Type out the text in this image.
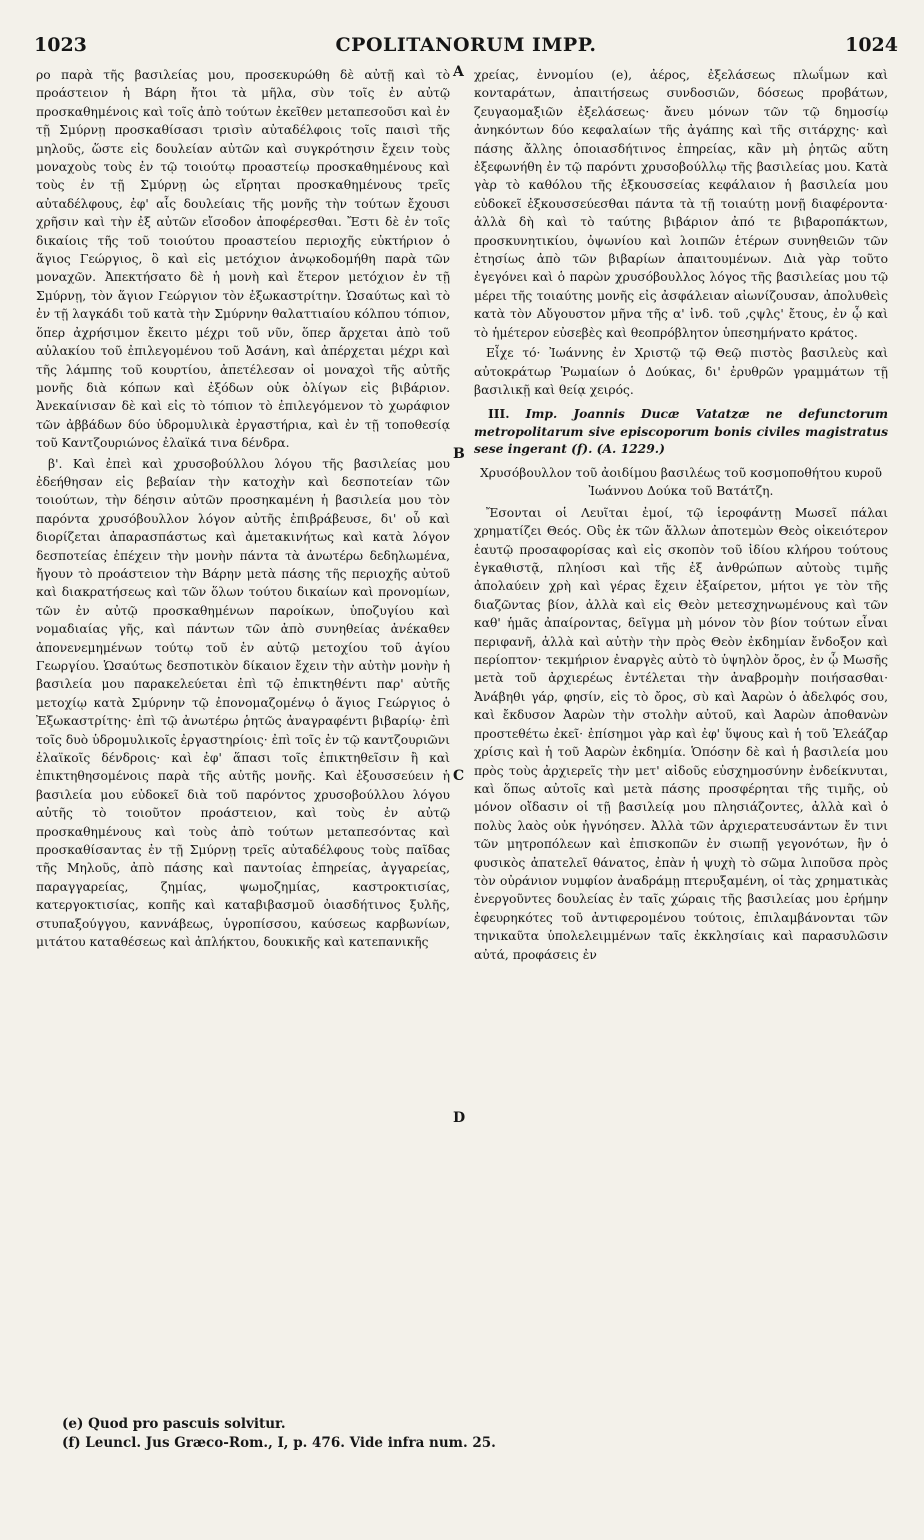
1023	CPOLITANORUM IMPP.	1024
A
B
C
D

ρο παρὰ τῆς βασιλείας μου, προσεκυρώθη δὲ αὐτῇ καὶ τὸ προάστειον ἡ Βάρη ἤτοι τὰ μῆλα, σὺν τοῖς ἐν αὐτῷ προσκαθημένοις καὶ τοῖς ἀπὸ τούτων ἐκεῖθεν μεταπεσοῦσι καὶ ἐν τῇ Σμύρνῃ προσκαθίσασι τρισὶν αὐταδέλφοις τοῖς παισὶ τῆς μηλοῦς, ὥστε εἰς δουλείαν αὐτῶν καὶ συγκρότησιν ἔχειν τοὺς μοναχοὺς τοὺς ἐν τῷ τοιούτῳ προαστείῳ προσκαθημένους καὶ τοὺς ἐν τῇ Σμύρνῃ ὡς εἴρηται προσκαθημένους τρεῖς αὐταδέλφους, ἐφ' αἷς δουλείαις τῆς μονῆς τὴν τούτων ἔχουσι χρῆσιν καὶ τὴν ἐξ αὐτῶν εἴσοδον ἀποφέρεσθαι. Ἔστι δὲ ἐν τοῖς δικαίοις τῆς τοῦ τοιούτου προαστείου περιοχῆς εὐκτήριον ὁ ἅγιος Γεώργιος, ὃ καὶ εἰς μετόχιον ἀνῳκοδομήθη παρὰ τῶν μοναχῶν. Ἀπεκτήσατο δὲ ἡ μονὴ καὶ ἕτερον μετόχιον ἐν τῇ Σμύρνῃ, τὸν ἅγιον Γεώργιον τὸν ἐξωκαστρίτην. Ὡσαύτως καὶ τὸ ἐν τῇ λαγκάδι τοῦ κατὰ τὴν Σμύρνην θαλαττιαίου κόλπου τόπιον, ὅπερ ἀχρήσιμον ἔκειτο μέχρι τοῦ νῦν, ὅπερ ἄρχεται ἀπὸ τοῦ αὐλακίου τοῦ ἐπιλεγομένου τοῦ Ἀσάνη, καὶ ἀπέρχεται μέχρι καὶ τῆς λάμπης τοῦ κουρτίου, ἀπετέλεσαν οἱ μοναχοὶ τῆς αὐτῆς μονῆς διὰ κόπων καὶ ἐξόδων οὐκ ὀλίγων εἰς βιβάριον. Ἀνεκαίνισαν δὲ καὶ εἰς τὸ τόπιον τὸ ἐπιλεγόμενον τὸ χωράφιον τῶν ἀββάδων δύο ὑδρομυλικὰ ἐργαστήρια, καὶ ἐν τῇ τοποθεσίᾳ τοῦ Καντζουριώνος ἐλαϊκά τινα δένδρα.

β'. Καὶ ἐπεὶ καὶ χρυσοβούλλου λόγου τῆς βασιλείας μου ἐδεήθησαν εἰς βεβαίαν τὴν κατοχὴν καὶ δεσποτείαν τῶν τοιούτων, τὴν δέησιν αὐτῶν προσηκαμένη ἡ βασιλεία μου τὸν παρόντα χρυσόβουλλον λόγον αὐτῆς ἐπιβράβευσε, δι' οὗ καὶ διορίζεται ἀπαρασπάστως καὶ ἀμετακινήτως καὶ κατὰ λόγον δεσποτείας ἐπέχειν τὴν μονὴν πάντα τὰ ἀνωτέρω δεδηλωμένα, ἤγουν τὸ προάστειον τὴν Βάρην μετὰ πάσης τῆς περιοχῆς αὐτοῦ καὶ διακρατήσεως καὶ τῶν ὅλων τούτου δικαίων καὶ προνομίων, τῶν ἐν αὐτῷ προσκαθημένων παροίκων, ὑποζυγίου καὶ νομαδιαίας γῆς, καὶ πάντων τῶν ἀπὸ συνηθείας ἀνέκαθεν ἀπονενεμημένων τούτῳ τοῦ ἐν αὐτῷ μετοχίου τοῦ ἁγίου Γεωργίου. Ὡσαύτως δεσποτικὸν δίκαιον ἔχειν τὴν αὐτὴν μονὴν ἡ βασιλεία μου παρακελεύεται ἐπὶ τῷ ἐπικτηθέντι παρ' αὐτῆς μετοχίῳ κατὰ Σμύρνην τῷ ἐπονομαζομένῳ ὁ ἅγιος Γεώργιος ὁ Ἐξωκαστρίτης· ἐπὶ τῷ ἀνωτέρω ῥητῶς ἀναγραφέντι βιβαρίῳ· ἐπὶ τοῖς δυὸ ὑδρομυλικοῖς ἐργαστηρίοις· ἐπὶ τοῖς ἐν τῷ καντζουριῶνι ἐλαϊκοῖς δένδροις· καὶ ἐφ' ἅπασι τοῖς ἐπικτηθεῖσιν ἢ καὶ ἐπικτηθησομένοις παρὰ τῆς αὐτῆς μονῆς. Καὶ ἐξουσσεύειν ἡ βασιλεία μου εὐδοκεῖ διὰ τοῦ παρόντος χρυσοβούλλου λόγου αὐτῆς τὸ τοιοῦτον προάστειον, καὶ τοὺς ἐν αὐτῷ προσκαθημένους καὶ τοὺς ἀπὸ τούτων μεταπεσόντας καὶ προσκαθίσαντας ἐν τῇ Σμύρνῃ τρεῖς αὐταδέλφους τοὺς παῖδας τῆς Μηλοῦς, ἀπὸ πάσης καὶ παντοίας ἐπηρείας, ἀγγαρείας, παραγγαρείας, ζημίας, ψωμοζημίας, καστροκτισίας, κατεργοκτισίας, κοπῆς καὶ καταβιβασμοῦ ὀιασδήτινος ξυλῆς, στυπαξούγγου, καννάβεως, ὑγροπίσσου, καύσεως καρβωνίων, μιτάτου καταθέσεως καὶ ἀπλήκτου, δουκικῆς καὶ κατεπανικῆς

χρείας, ἐννομίου (e), ἀέρος, ἐξελάσεως πλωΐμων καὶ κονταράτων, ἀπαιτήσεως συνδοσιῶν, δόσεως προβάτων, ζευγαομαξιῶν ἐξελάσεως· ἄνευ μόνων τῶν τῷ δημοσίῳ ἀνηκόντων δύο κεφαλαίων τῆς ἀγάπης καὶ τῆς σιτάρχης· καὶ πάσης ἄλλης ὁποιασδήτινος ἐπηρείας, κἂν μὴ ῥητῶς αὕτη ἐξεφωνήθη ἐν τῷ παρόντι χρυσοβούλλῳ τῆς βασιλείας μου. Κατὰ γὰρ τὸ καθόλου τῆς ἐξκουσσείας κεφάλαιον ἡ βασιλεία μου εὐδοκεῖ ἐξκουσσεύεσθαι πάντα τὰ τῇ τοιαύτῃ μονῇ διαφέροντα· ἀλλὰ δὴ καὶ τὸ ταύτης βιβάριον ἀπό τε βιβαροπάκτων, προσκυνητικίου, ὀψωνίου καὶ λοιπῶν ἑτέρων συνηθειῶν τῶν ἐτησίως ἀπὸ τῶν βιβαρίων ἀπαιτουμένων. Διὰ γὰρ τοῦτο ἐγεγόνει καὶ ὁ παρὼν χρυσόβουλλος λόγος τῆς βασιλείας μου τῷ μέρει τῆς τοιαύτης μονῆς εἰς ἀσφάλειαν αἰωνίζουσαν, ἀπολυθεὶς κατὰ τὸν Αὔγουστον μῆνα τῆς α' ἰνδ. τοῦ ,ςψλς' ἔτους, ἐν ᾧ καὶ τὸ ἡμέτερον εὐσεβὲς καὶ θεοπρόβλητον ὑπεσημήνατο κράτος.

Εἶχε τό· Ἰωάννης ἐν Χριστῷ τῷ Θεῷ πιστὸς βασιλεὺς καὶ αὐτοκράτωρ Ῥωμαίων ὁ Δούκας, δι' ἐρυθρῶν γραμμάτων τῇ βασιλικῇ καὶ θείᾳ χειρός.

III. Imp. Joannis Ducæ Vatatzæ ne defunctorum metropolitarum sive episcoporum bonis civiles magistratus sese ingerant (f). (A. 1229.)
Χρυσόβουλλον τοῦ ἀοιδίμου βασιλέως τοῦ κοσμοποθήτου κυροῦ Ἰωάννου Δούκα τοῦ Βατάτζη.

Ἔσονται οἱ Λευῖται ἐμοί, τῷ ἱεροφάντῃ Μωσεῖ πάλαι χρηματίζει Θεός. Οὓς ἐκ τῶν ἄλλων ἀποτεμὼν Θεὸς οἰκειότερον ἑαυτῷ προσαφορίσας καὶ εἰς σκοπὸν τοῦ ἰδίου κλήρου τούτους ἐγκαθιστᾷ, πληίοσι καὶ τῆς ἐξ ἀνθρώπων αὐτοὺς τιμῆς ἀπολαύειν χρὴ καὶ γέρας ἔχειν ἐξαίρετον, μήτοι γε τὸν τῆς διαζῶντας βίον, ἀλλὰ καὶ εἰς Θεὸν μετεσχηνωμένους καὶ τῶν καθ' ἡμᾶς ἀπαίροντας, δεῖγμα μὴ μόνον τὸν βίον τούτων εἶναι περιφανῆ, ἀλλὰ καὶ αὐτὴν τὴν πρὸς Θεὸν ἐκδημίαν ἔνδοξον καὶ περίοπτον· τεκμήριον ἐναργὲς αὐτὸ τὸ ὑψηλὸν ὄρος, ἐν ᾧ Μωσῆς μετὰ τοῦ ἀρχιερέως ἐντέλεται τὴν ἀναβρομὴν ποιήσασθαι· Ἀνάβηθι γάρ, φησίν, εἰς τὸ ὄρος, σὺ καὶ Ἀαρὼν ὁ ἀδελφός σου, καὶ ἔκδυσον Ἀαρὼν τὴν στολὴν αὐτοῦ, καὶ Ἀαρὼν ἀποθανὼν προστεθέτω ἐκεῖ· ἐπίσημοι γὰρ καὶ ἐφ' ὕψους καὶ ἡ τοῦ Ἐλεάζαρ χρίσις καὶ ἡ τοῦ Ἀαρὼν ἐκδημία. Ὁπόσην δὲ καὶ ἡ βασιλεία μου πρὸς τοὺς ἀρχιερεῖς τὴν μετ' αἰδοῦς εὐσχημοσύνην ἐνδείκνυται, καὶ ὅπως αὐτοῖς καὶ μετὰ πάσης προσφέρηται τῆς τιμῆς, οὐ μόνον οἴδασιν οἱ τῇ βασιλείᾳ μου πλησιάζοντες, ἀλλὰ καὶ ὁ πολὺς λαὸς οὐκ ἠγνόησεν. Ἀλλὰ τῶν ἀρχιερατευσάντων ἔν τινι τῶν μητροπόλεων καὶ ἐπισκοπῶν ἐν σιωπῇ γεγονότων, ἣν ὁ φυσικὸς ἀπατελεῖ θάνατος, ἐπὰν ἡ ψυχὴ τὸ σῶμα λιποῦσα πρὸς τὸν οὐράνιον νυμφίον ἀναδράμῃ πτερυξαμένη, οἱ τὰς χρηματικὰς ἐνεργοῦντες δουλείας ἐν ταῖς χώραις τῆς βασιλείας μου ἐρήμην ἐφευρηκότες τοῦ ἀντιφερομένου τούτοις, ἐπιλαμβάνονται τῶν τηνικαῦτα ὑπολελειμμένων ταῖς ἐκκλησίαις καὶ παρασυλῶσιν αὐτά, προφάσεις ἐν

(e) Quod pro pascuis solvitur.
(f) Leuncl. Jus Græco-Rom., I, p. 476. Vide infra num. 25.
